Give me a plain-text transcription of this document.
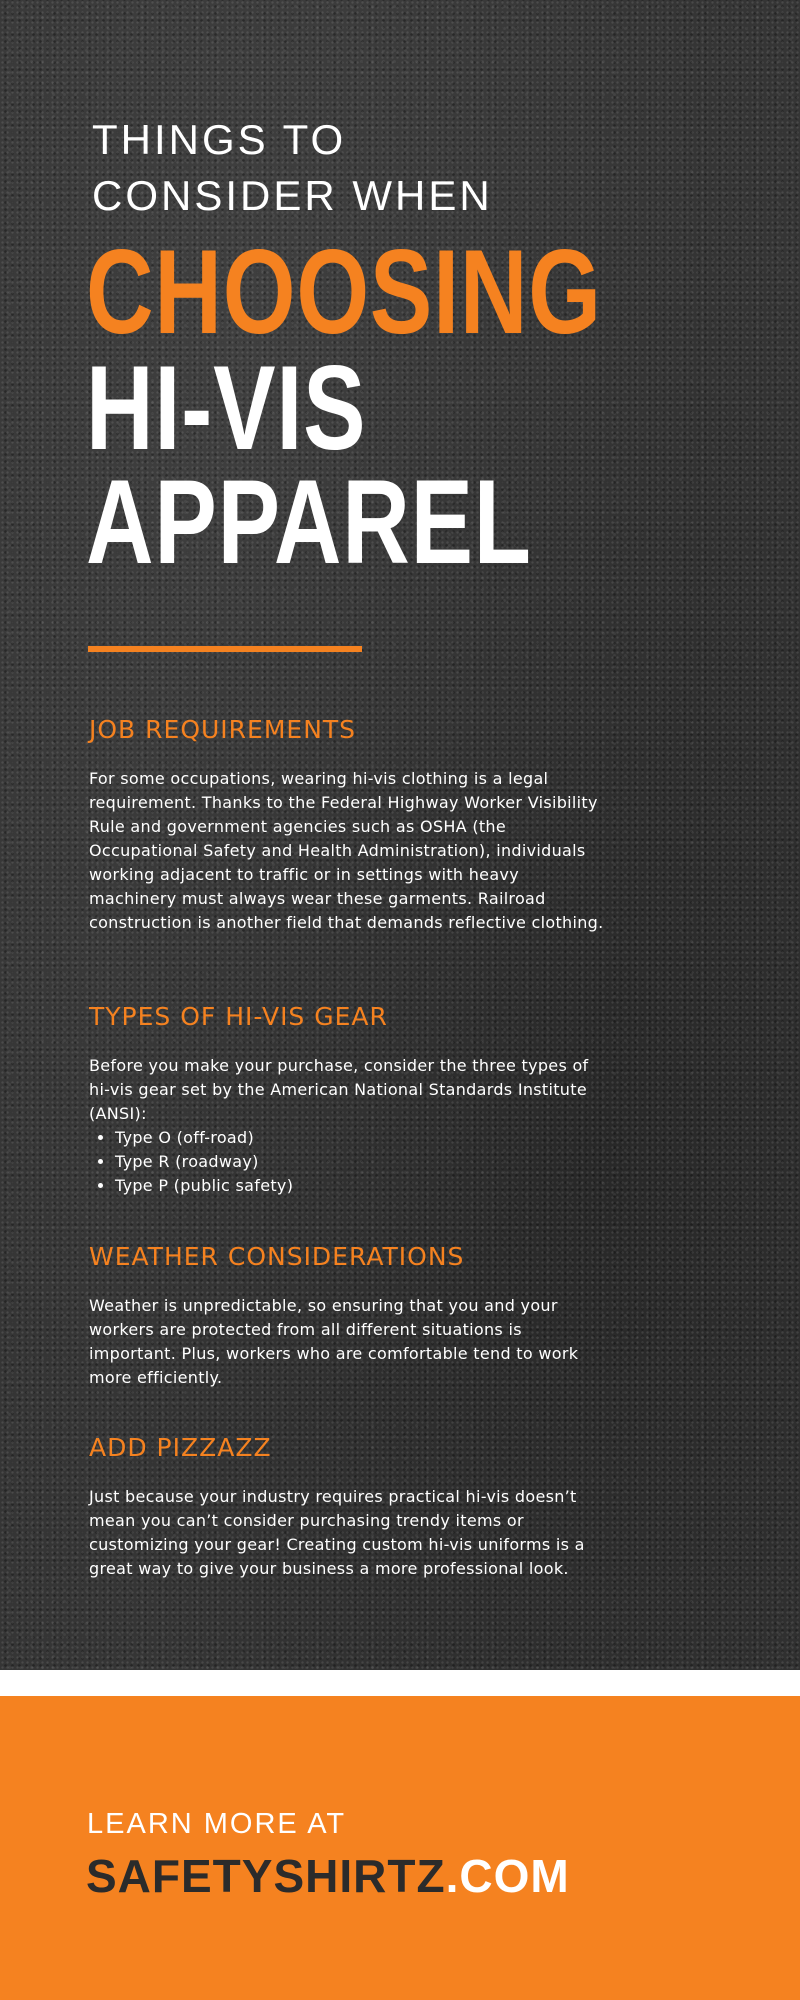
THINGS TO
CONSIDER WHEN
CHOOSING
HI-VIS
APPAREL
JOB REQUIREMENTS

For some occupations, wearing hi-vis clothing is a legal requirement. Thanks to the Federal Highway Worker Visibility Rule and government agencies such as OSHA (the Occupational Safety and Health Administration), individuals working adjacent to traffic or in settings with heavy machinery must always wear these garments. Railroad construction is another field that demands reflective clothing.

TYPES OF HI-VIS GEAR

Before you make your purchase, consider the three types of hi-vis gear set by the American National Standards Institute (ANSI):

• Type O (off-road)
• Type R (roadway)
• Type P (public safety)
WEATHER CONSIDERATIONS

Weather is unpredictable, so ensuring that you and your workers are protected from all different situations is important. Plus, workers who are comfortable tend to work more efficiently.

ADD PIZZAZZ

Just because your industry requires practical hi-vis doesn’t mean you can’t consider purchasing trendy items or customizing your gear! Creating custom hi-vis uniforms is a great way to give your business a more professional look.

LEARN MORE AT
SAFETYSHIRTZ.COM
